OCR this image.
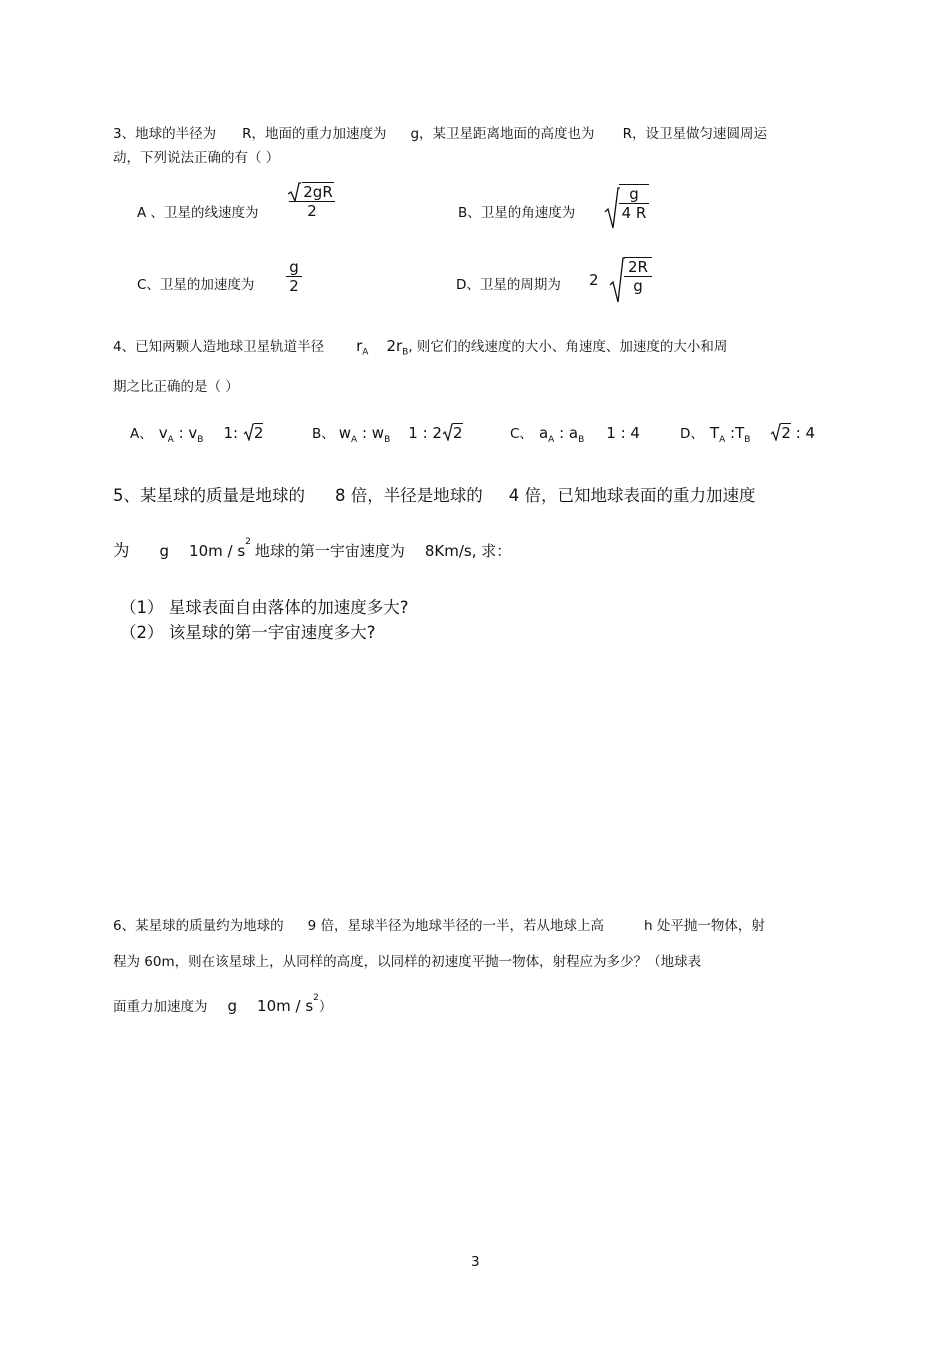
3、地球的半径为 R，地面的重力加速度为 g，某卫星距离地面的高度也为 R，设卫星做匀速圆周运
动，下列说法正确的有（ ）
A 、卫星的线速度为
2gR
2	B、卫星的角速度为
g
4 R
C、卫星的加速度为
g
2	D、卫星的周期为 2
2R
g
4、已知两颗人造地球卫星轨道半径 $r_A$ $2r_B$, 则它们的线速度的大小、角速度、加速度的大小和周
期之比正确的是（ ）
A、 $v_A$ : $v_B$ 1: 2	B、 $w_A$ : $w_B$ 1 : 2 2	C、 $a_A$ : $a_B$ 1 : 4	D、 $T_A$ $:T_B$ 2 : 4
5、某星球的质量是地球的 8 倍，半径是地球的 4 倍，已知地球表面的重力加速度
为 g $10m / s^2$地球的第一宇宙速度为 8Km/s, 求：
（1） 星球表面自由落体的加速度多大?
（2） 该星球的第一宇宙速度多大?
6、某星球的质量约为地球的 9 倍，星球半径为地球半径的一半，若从地球上高	h 处平抛一物体，射
程为 60m，则在该星球上，从同样的高度，以同样的初速度平抛一物体，射程应为多少？（地球表
面重力加速度为 g $10m / s^2$）
3
